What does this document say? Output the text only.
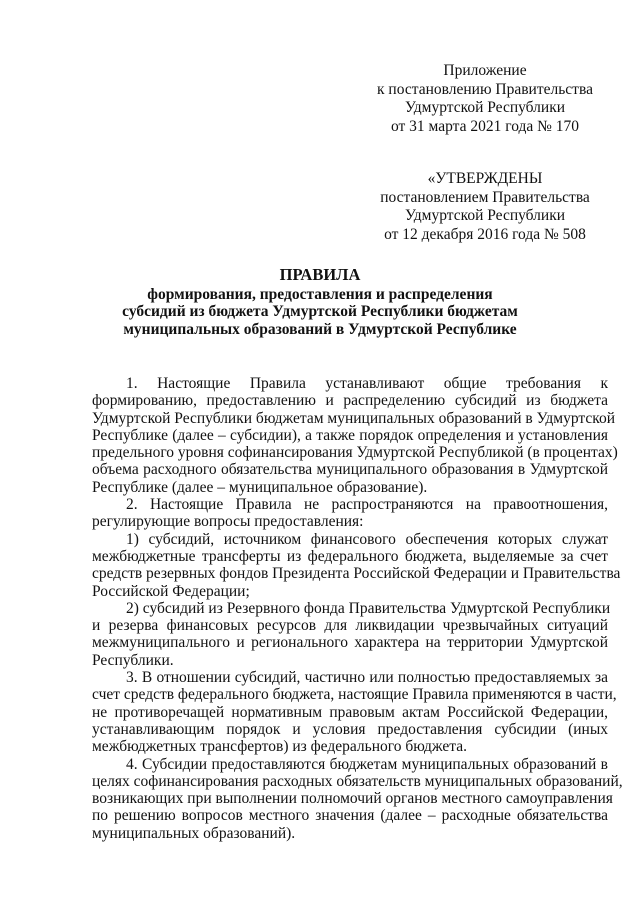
Приложение
к постановлению Правительства
Удмуртской Республики
от 31 марта 2021 года № 170
«УТВЕРЖДЕНЫ
постановлением Правительства
Удмуртской Республики
от 12 декабря 2016 года № 508
ПРАВИЛА
формирования, предоставления и распределения
субсидий из бюджета Удмуртской Республики бюджетам
муниципальных образований в Удмуртской Республике
1. Настоящие Правила устанавливают общие требования к
формированию, предоставлению и распределению субсидий из бюджета
Удмуртской Республики бюджетам муниципальных образований в Удмуртской
Республике (далее – субсидии), а также порядок определения и установления
предельного уровня софинансирования Удмуртской Республикой (в процентах)
объема расходного обязательства муниципального образования в Удмуртской
Республике (далее – муниципальное образование).
2. Настоящие Правила не распространяются на правоотношения,
регулирующие вопросы предоставления:
1) субсидий, источником финансового обеспечения которых служат
межбюджетные трансферты из федерального бюджета, выделяемые за счет
средств резервных фондов Президента Российской Федерации и Правительства
Российской Федерации;
2) субсидий из Резервного фонда Правительства Удмуртской Республики
и резерва финансовых ресурсов для ликвидации чрезвычайных ситуаций
межмуниципального и регионального характера на территории Удмуртской
Республики.
3. В отношении субсидий, частично или полностью предоставляемых за
счет средств федерального бюджета, настоящие Правила применяются в части,
не противоречащей нормативным правовым актам Российской Федерации,
устанавливающим порядок и условия предоставления субсидии (иных
межбюджетных трансфертов) из федерального бюджета.
4. Субсидии предоставляются бюджетам муниципальных образований в
целях софинансирования расходных обязательств муниципальных образований,
возникающих при выполнении полномочий органов местного самоуправления
по решению вопросов местного значения (далее – расходные обязательства
муниципальных образований).
